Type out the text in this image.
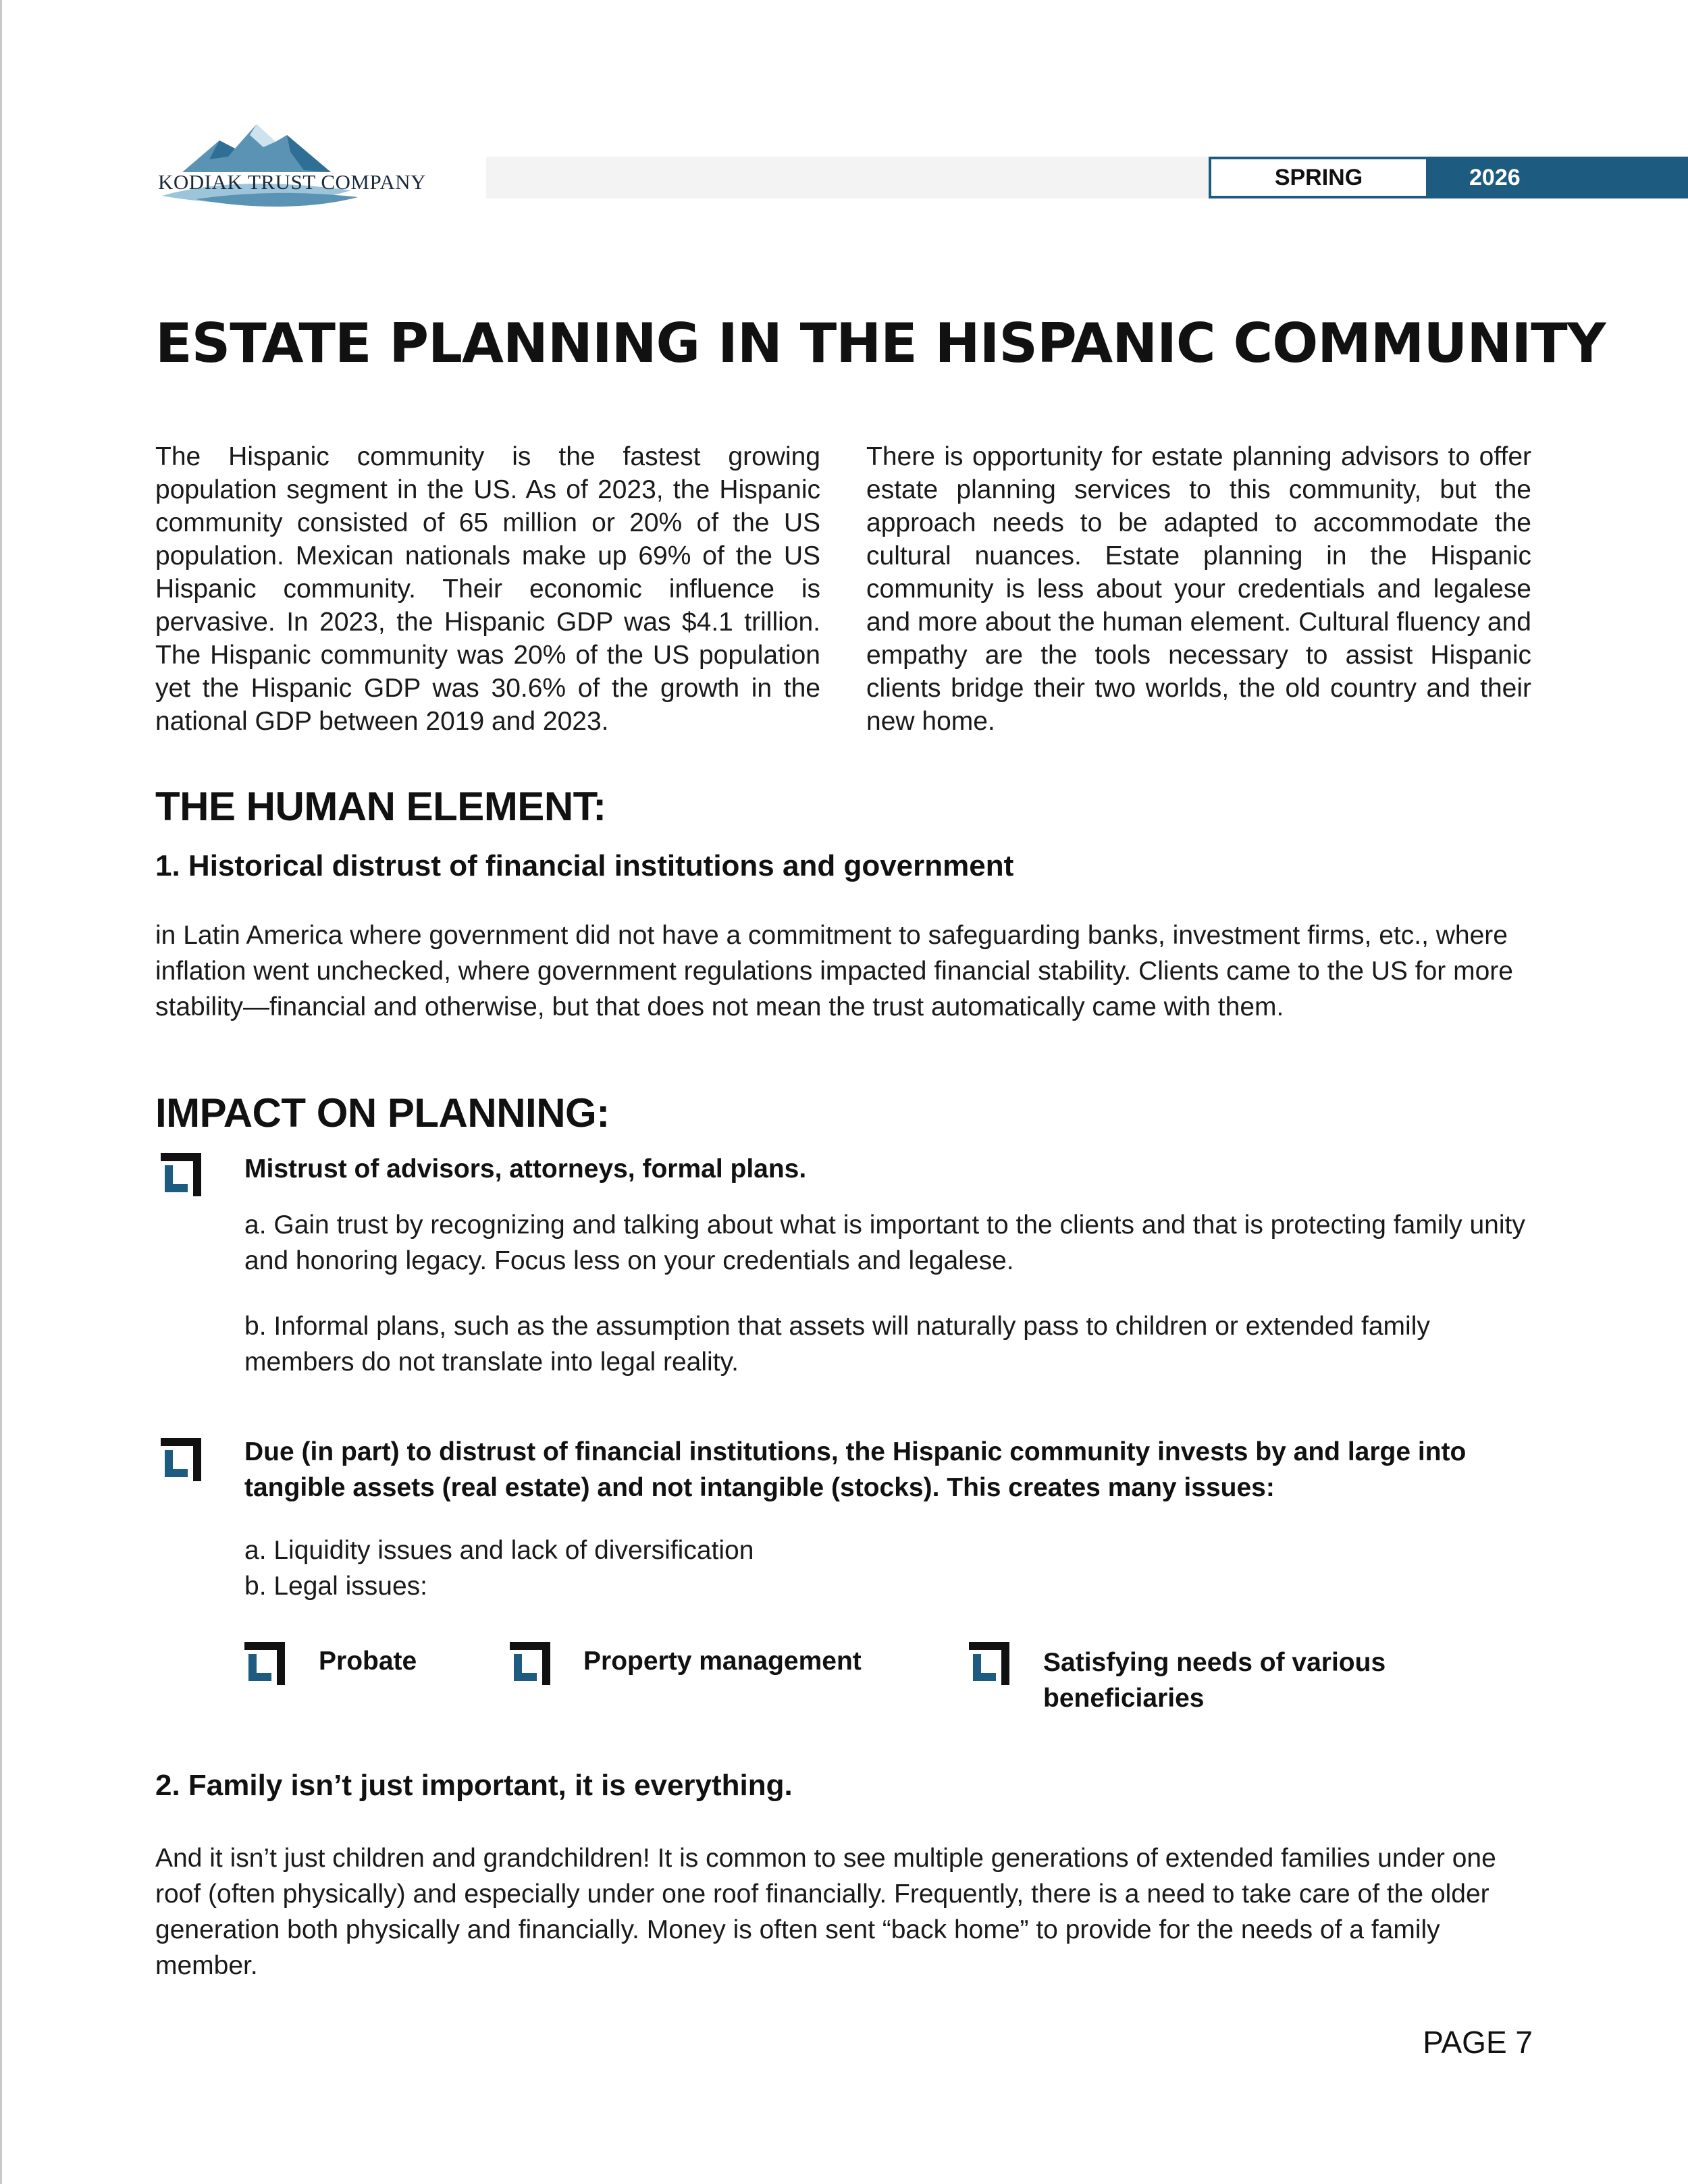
KODIAK TRUST COMPANY	SPRING	2026
ESTATE PLANNING IN THE HISPANIC COMMUNITY
The Hispanic community is the fastest growing population segment in the US. As of 2023, the Hispanic community consisted of 65 million or 20% of the US population. Mexican nationals make up 69% of the US Hispanic community. Their economic influence is pervasive. In 2023, the Hispanic GDP was $4.1 trillion. The Hispanic community was 20% of the US population yet the Hispanic GDP was 30.6% of the growth in the national GDP between 2019 and 2023.
There is opportunity for estate planning advisors to offer estate planning services to this community, but the approach needs to be adapted to accommodate the cultural nuances. Estate planning in the Hispanic community is less about your credentials and legalese and more about the human element. Cultural fluency and empathy are the tools necessary to assist Hispanic clients bridge their two worlds, the old country and their new home.
THE HUMAN ELEMENT:
1. Historical distrust of financial institutions and government
in Latin America where government did not have a commitment to safeguarding banks, investment firms, etc., where inflation went unchecked, where government regulations impacted financial stability. Clients came to the US for more stability—financial and otherwise, but that does not mean the trust automatically came with them.
IMPACT ON PLANNING:
Mistrust of advisors, attorneys, formal plans.
a. Gain trust by recognizing and talking about what is important to the clients and that is protecting family unity and honoring legacy. Focus less on your credentials and legalese.
b. Informal plans, such as the assumption that assets will naturally pass to children or extended family members do not translate into legal reality.
Due (in part) to distrust of financial institutions, the Hispanic community invests by and large into tangible assets (real estate) and not intangible (stocks). This creates many issues:
a. Liquidity issues and lack of diversification
b. Legal issues:
Probate	Property management	Satisfying needs of various beneficiaries
2. Family isn’t just important, it is everything.
And it isn’t just children and grandchildren! It is common to see multiple generations of extended families under one roof (often physically) and especially under one roof financially. Frequently, there is a need to take care of the older generation both physically and financially. Money is often sent “back home” to provide for the needs of a family member.
PAGE 7
